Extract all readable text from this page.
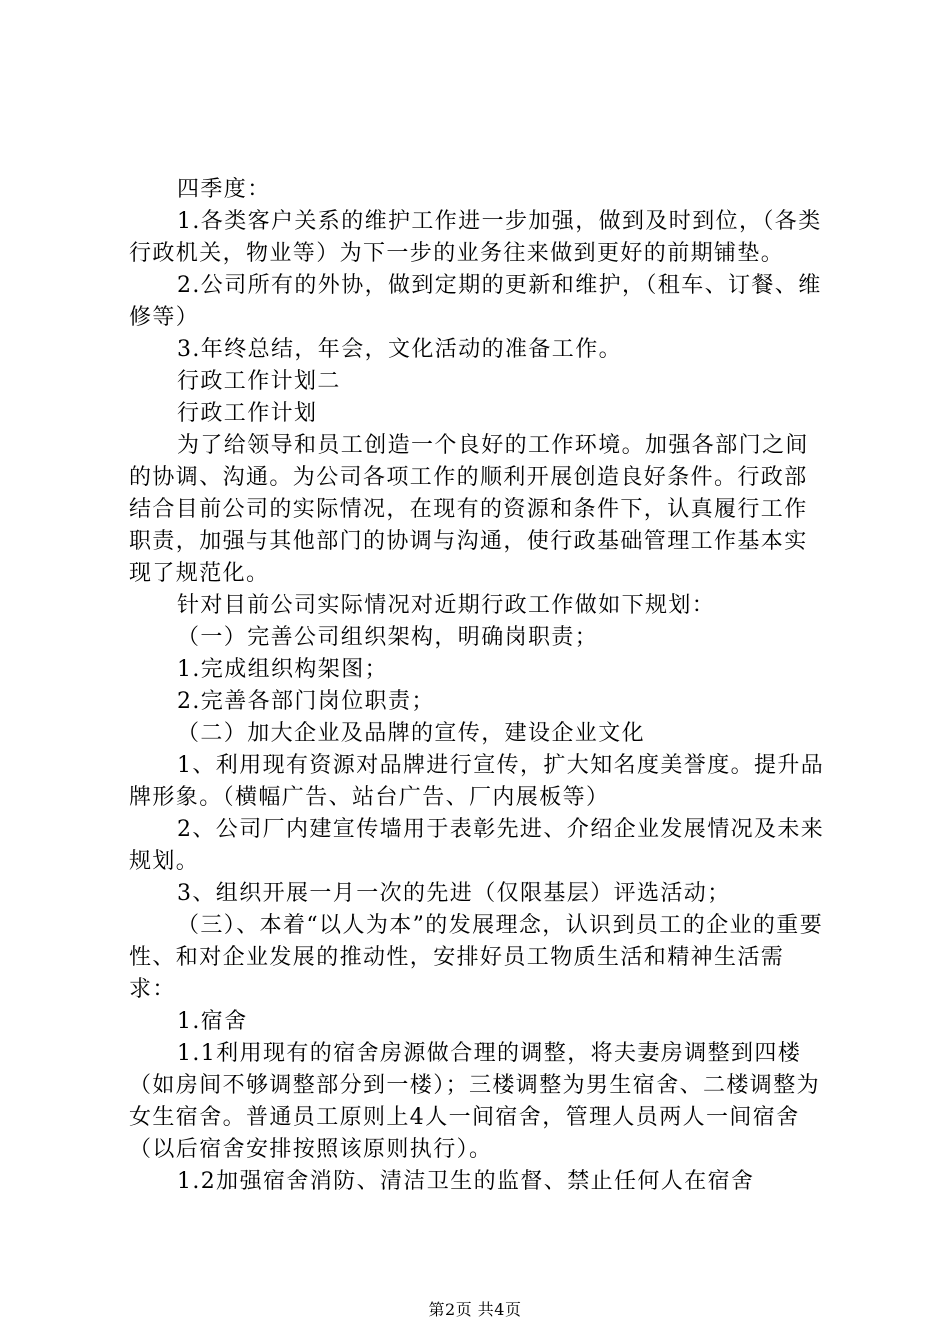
四季度：

1.各类客户关系的维护工作进一步加强，做到及时到位，（各类行政机关，物业等）为下一步的业务往来做到更好的前期铺垫。

2.公司所有的外协，做到定期的更新和维护，（租车、订餐、维修等）

3.年终总结，年会，文化活动的准备工作。

行政工作计划二

行政工作计划

为了给领导和员工创造一个良好的工作环境。加强各部门之间的协调、沟通。为公司各项工作的顺利开展创造良好条件。行政部结合目前公司的实际情况，在现有的资源和条件下，认真履行工作职责，加强与其他部门的协调与沟通，使行政基础管理工作基本实现了规范化。

针对目前公司实际情况对近期行政工作做如下规划：

（一）完善公司组织架构，明确岗职责；

1.完成组织构架图；

2.完善各部门岗位职责；

（二）加大企业及品牌的宣传，建设企业文化

1、利用现有资源对品牌进行宣传，扩大知名度美誉度。提升品牌形象。（横幅广告、站台广告、厂内展板等）

2、公司厂内建宣传墙用于表彰先进、介绍企业发展情况及未来规划。

3、组织开展一月一次的先进（仅限基层）评选活动；

（三）、本着“以人为本”的发展理念，认识到员工的企业的重要性、和对企业发展的推动性，安排好员工物质生活和精神生活需求：

1.宿舍

1.1利用现有的宿舍房源做合理的调整，将夫妻房调整到四楼（如房间不够调整部分到一楼）；三楼调整为男生宿舍、二楼调整为女生宿舍。普通员工原则上4人一间宿舍，管理人员两人一间宿舍（以后宿舍安排按照该原则执行）。

1.2加强宿舍消防、清洁卫生的监督、禁止任何人在宿舍

第2页 共4页
